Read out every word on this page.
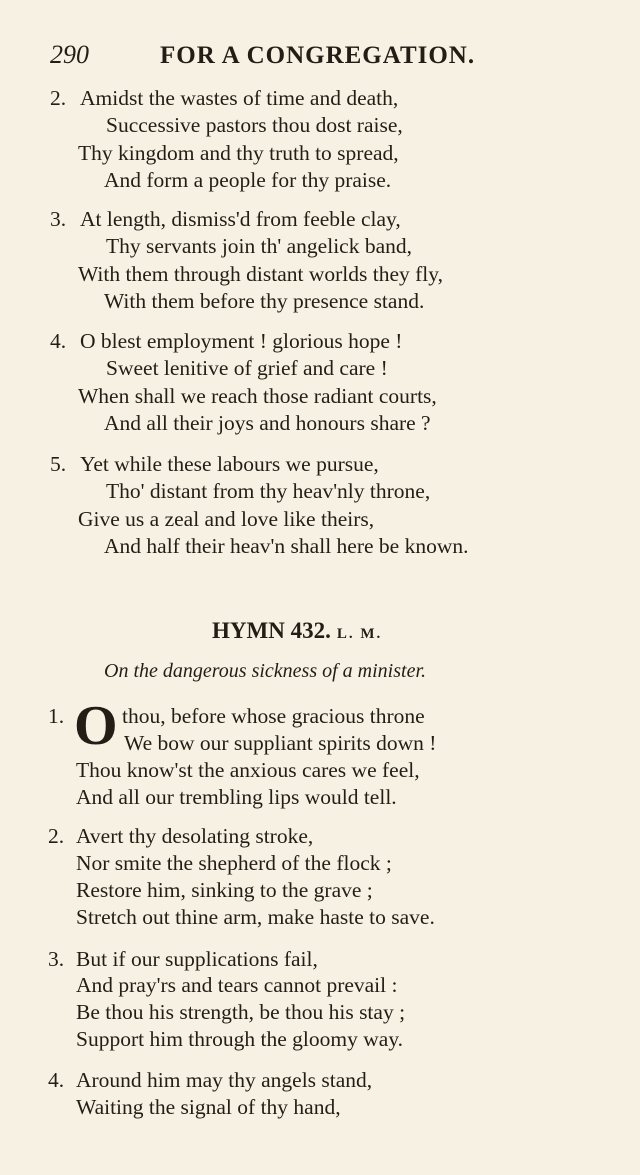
290	FOR A CONGREGATION.
2. Amidst the wastes of time and death,
Successive pastors thou dost raise,
Thy kingdom and thy truth to spread,
And form a people for thy praise.
3. At length, dismiss'd from feeble clay,
Thy servants join th' angelick band,
With them through distant worlds they fly,
With them before thy presence stand.
4. O blest employment ! glorious hope !
Sweet lenitive of grief and care !
When shall we reach those radiant courts,
And all their joys and honours share ?
5. Yet while these labours we pursue,
Tho' distant from thy heav'nly throne,
Give us a zeal and love like theirs,
And half their heav'n shall here be known.
HYMN 432. L. M.
On the dangerous sickness of a minister.
1. O thou, before whose gracious throne
We bow our suppliant spirits down !
Thou know'st the anxious cares we feel,
And all our trembling lips would tell.
2. Avert thy desolating stroke,
Nor smite the shepherd of the flock ;
Restore him, sinking to the grave ;
Stretch out thine arm, make haste to save.
3. But if our supplications fail,
And pray'rs and tears cannot prevail :
Be thou his strength, be thou his stay ;
Support him through the gloomy way.
4. Around him may thy angels stand,
Waiting the signal of thy hand,
